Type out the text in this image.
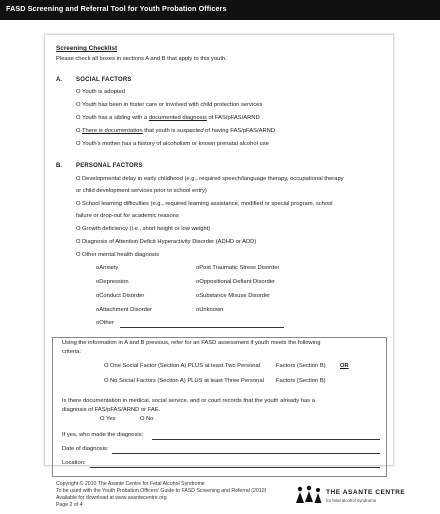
FASD Screening and Referral Tool for Youth Probation Officers
Screening Checklist
Please check all boxes in sections A and B that apply to this youth.
A. SOCIAL FACTORS
OYouth is adopted
OYouth has been in foster care or involved with child protection services
OYouth has a sibling with a documented diagnosis of FAS/pFAS/ARND
OThere is documentation that youth is suspected of having FAS/pFAS/ARND
OYouth's mother has a history of alcoholism or known prenatal alcohol use
B. PERSONAL FACTORS
ODevelopmental delay in early childhood (e.g., required speech/language therapy, occupational therapy
or child development services prior to school entry)
OSchool learning difficulties (e.g., required learning assistance, modified or special program, school
failure or drop-out for academic reasons
OGrowth deficiency (i.e., short height or low weight)
ODiagnosis of Attention Deficit Hyperactivity Disorder (ADHD or ADD)
OOther mental health diagnosis
oAnxiety
oDepression
oConduct Disorder
oAttachment Disorder
oOther
oPost Traumatic Stress Disorder
oOppositional Defiant Disorder
oSubstance Misuse Disorder
oUnknown
Using the information in A and B previous, refer for an FASD assessment if youth meets the following
criteria:
OOne Social Factor (Section A) PLUS at least Two Personal	Factors (Section B) OR
ONo Social Factors (Section A) PLUS at least Three Personal Factors (Section B)
Is there documentation in medical, social service, and or court records that the youth already has a
diagnosis of FAS/pFAS/ARND or FAE.
OYes	ONo
If yes, who made the diagnosis:
Date of diagnosis:
Location:
Copyright © 2010 The Asante Centre for Fetal Alcohol Syndrome
To be used with the Youth Probation Officers' Guide to FASD Screening and Referral (2010)
Available for download at www.asantecentre.org
Page 2 of 4
THE ASANTE CENTRE
for fetal alcohol syndrome
